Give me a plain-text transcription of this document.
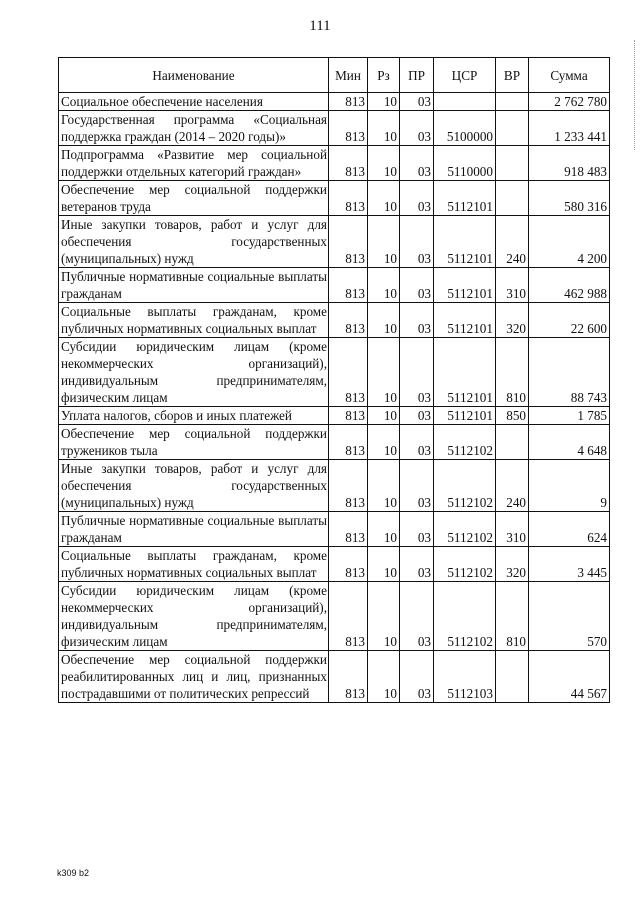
111
Наименование	Мин	Рз	ПР	ЦСР	ВР	Сумма
Социальное обеспечение населения	813	10	03			2 762 780
Государственная программа «Социальная поддержка граждан (2014 – 2020 годы)»	813	10	03	5100000		1 233 441
Подпрограмма «Развитие мер социальной поддержки отдельных категорий граждан»	813	10	03	5110000		918 483
Обеспечение мер социальной поддержки ветеранов труда	813	10	03	5112101		580 316
Иные закупки товаров, работ и услуг для обеспечения государственных (муниципальных) нужд	813	10	03	5112101	240	4 200
Публичные нормативные социальные выплаты гражданам	813	10	03	5112101	310	462 988
Социальные выплаты гражданам, кроме публичных нормативных социальных выплат	813	10	03	5112101	320	22 600
Субсидии юридическим лицам (кроме некоммерческих организаций), индивидуальным предпринимателям, физическим лицам	813	10	03	5112101	810	88 743
Уплата налогов, сборов и иных платежей	813	10	03	5112101	850	1 785
Обеспечение мер социальной поддержки тружеников тыла	813	10	03	5112102		4 648
Иные закупки товаров, работ и услуг для обеспечения государственных (муниципальных) нужд	813	10	03	5112102	240	9
Публичные нормативные социальные выплаты гражданам	813	10	03	5112102	310	624
Социальные выплаты гражданам, кроме публичных нормативных социальных выплат	813	10	03	5112102	320	3 445
Субсидии юридическим лицам (кроме некоммерческих организаций), индивидуальным предпринимателям, физическим лицам	813	10	03	5112102	810	570
Обеспечение мер социальной поддержки реабилитированных лиц и лиц, признанных пострадавшими от политических репрессий	813	10	03	5112103		44 567
k309 b2
